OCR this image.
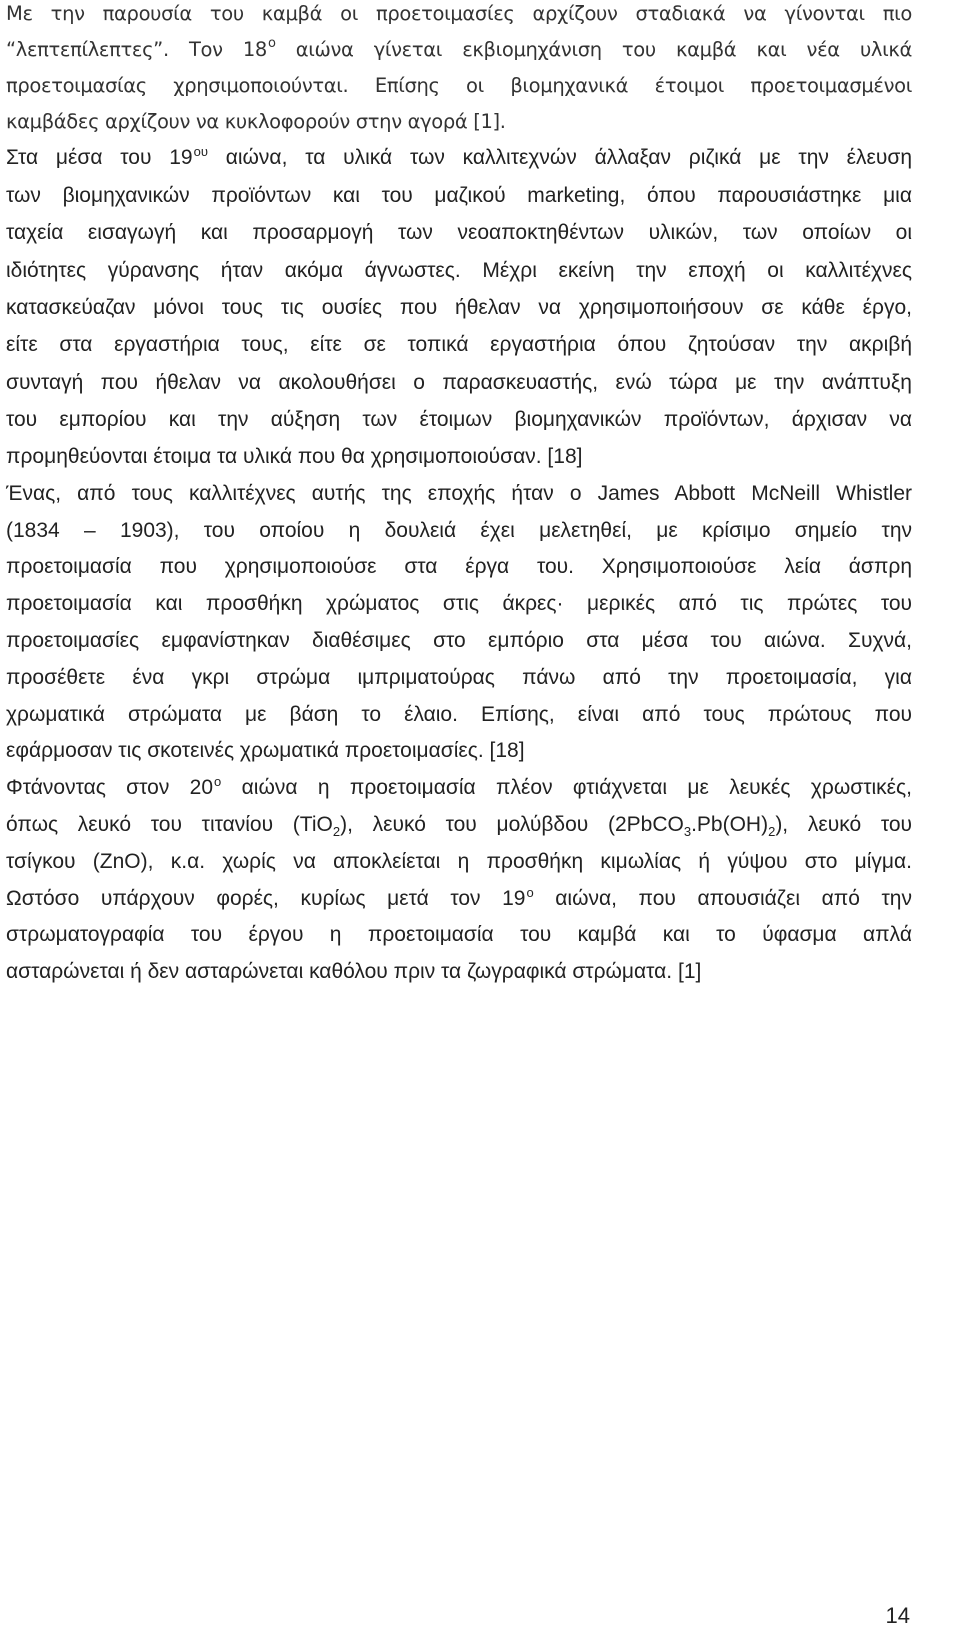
Με την παρουσία του καμβά οι προετοιμασίες αρχίζουν σταδιακά να γίνονται πιο
“λεπτεπίλεπτες”. Τον $18^o$ αιώνα γίνεται εκβιομηχάνιση του καμβά και νέα υλικά
προετοιμασίας χρησιμοποιούνται. Επίσης οι βιομηχανικά έτοιμοι προετοιμασμένοι
καμβάδες αρχίζουν να κυκλοφορούν στην αγορά [1].
Στα μέσα του $19^{o\upsilon}$ αιώνα, τα υλικά των καλλιτεχνών άλλαξαν ριζικά με την έλευση
των βιομηχανικών προϊόντων και του μαζικού marketing, όπου παρουσιάστηκε μια
ταχεία εισαγωγή και προσαρμογή των νεοαποκτηθέντων υλικών, των οποίων οι
ιδιότητες γύρανσης ήταν ακόμα άγνωστες. Μέχρι εκείνη την εποχή οι καλλιτέχνες
κατασκεύαζαν μόνοι τους τις ουσίες που ήθελαν να χρησιμοποιήσουν σε κάθε έργο,
είτε στα εργαστήρια τους, είτε σε τοπικά εργαστήρια όπου ζητούσαν την ακριβή
συνταγή που ήθελαν να ακολουθήσει ο παρασκευαστής, ενώ τώρα με την ανάπτυξη
του εμπορίου και την αύξηση των έτοιμων βιομηχανικών προϊόντων, άρχισαν να
προμηθεύονται έτοιμα τα υλικά που θα χρησιμοποιούσαν. [18]
Ένας, από τους καλλιτέχνες αυτής της εποχής ήταν ο James Abbott McNeill Whistler
(1834 – 1903), του οποίου η δουλειά έχει μελετηθεί, με κρίσιμο σημείο την
προετοιμασία που χρησιμοποιούσε στα έργα του. Χρησιμοποιούσε λεία άσπρη
προετοιμασία και προσθήκη χρώματος στις άκρες· μερικές από τις πρώτες του
προετοιμασίες εμφανίστηκαν διαθέσιμες στο εμπόριο στα μέσα του αιώνα. Συχνά,
προσέθετε ένα γκρι στρώμα ιμπριματούρας πάνω από την προετοιμασία, για
χρωματικά στρώματα με βάση το έλαιο. Επίσης, είναι από τους πρώτους που
εφάρμοσαν τις σκοτεινές χρωματικά προετοιμασίες. [18]
Φτάνοντας στον $20^o$ αιώνα η προετοιμασία πλέον φτιάχνεται με λευκές χρωστικές,
όπως λευκό του τιτανίου (TiO$_2$), λευκό του μολύβδου $(2PbCO_3.Pb(OH)_2)$, λευκό του
τσίγκου (ZnO), κ.α. χωρίς να αποκλείεται η προσθήκη κιμωλίας ή γύψου στο μίγμα.
Ωστόσο υπάρχουν φορές, κυρίως μετά τον $19^o$ αιώνα, που απουσιάζει από την
στρωματογραφία του έργου η προετοιμασία του καμβά και το ύφασμα απλά
ασταρώνεται ή δεν ασταρώνεται καθόλου πριν τα ζωγραφικά στρώματα. [1]
14
